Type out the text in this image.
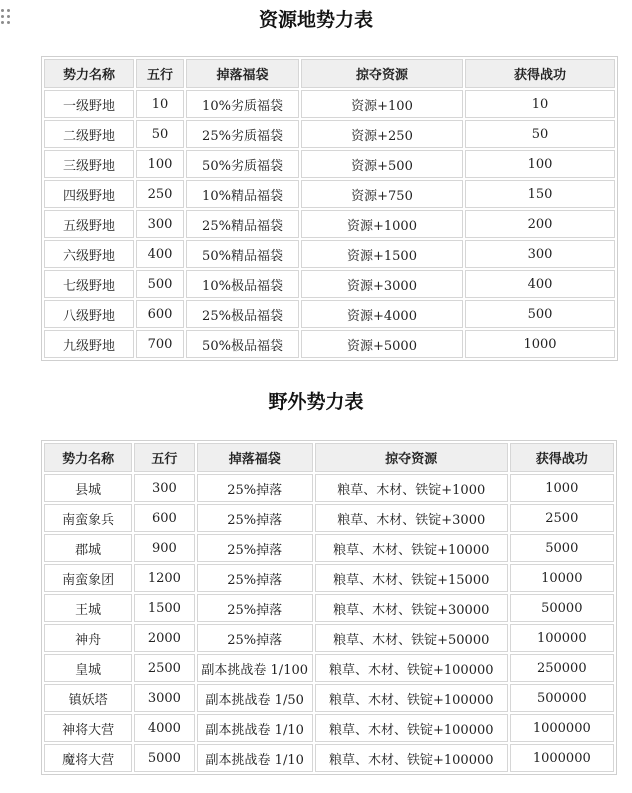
资源地势力表
势力名称	五行	掉落福袋	掠夺资源	获得战功
一级野地	10	10%劣质福袋	资源+100	10
二级野地	50	25%劣质福袋	资源+250	50
三级野地	100	50%劣质福袋	资源+500	100
四级野地	250	10%精品福袋	资源+750	150
五级野地	300	25%精品福袋	资源+1000	200
六级野地	400	50%精品福袋	资源+1500	300
七级野地	500	10%极品福袋	资源+3000	400
八级野地	600	25%极品福袋	资源+4000	500
九级野地	700	50%极品福袋	资源+5000	1000
野外势力表
势力名称	五行	掉落福袋	掠夺资源	获得战功
县城	300	25%掉落	粮草、木材、铁锭+1000	1000
南蛮象兵	600	25%掉落	粮草、木材、铁锭+3000	2500
郡城	900	25%掉落	粮草、木材、铁锭+10000	5000
南蛮象团	1200	25%掉落	粮草、木材、铁锭+15000	10000
王城	1500	25%掉落	粮草、木材、铁锭+30000	50000
神舟	2000	25%掉落	粮草、木材、铁锭+50000	100000
皇城	2500	副本挑战卷 1/100	粮草、木材、铁锭+100000	250000
镇妖塔	3000	副本挑战卷 1/50	粮草、木材、铁锭+100000	500000
神将大营	4000	副本挑战卷 1/10	粮草、木材、铁锭+100000	1000000
魔将大营	5000	副本挑战卷 1/10	粮草、木材、铁锭+100000	1000000
